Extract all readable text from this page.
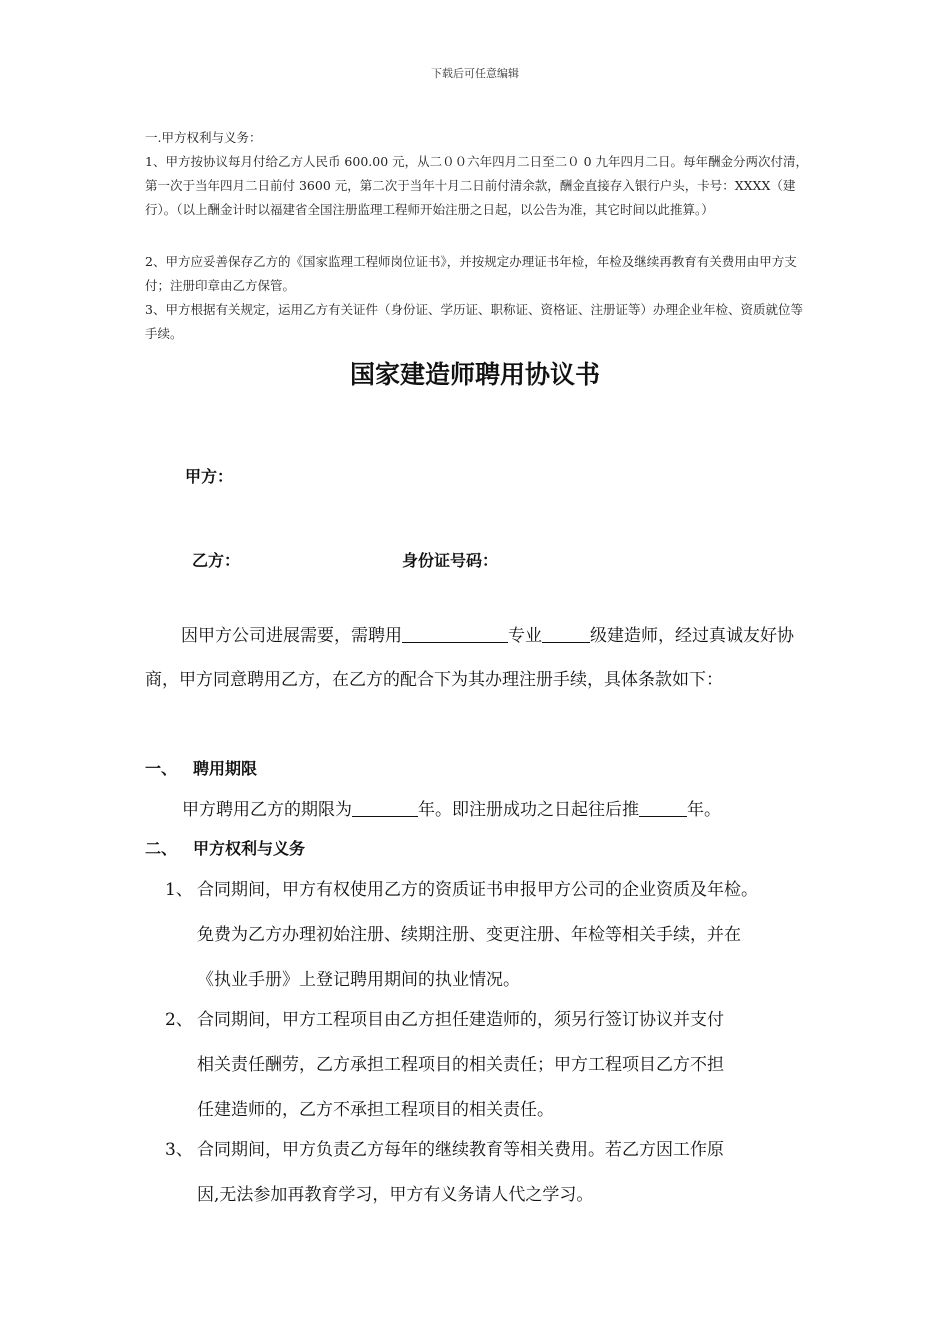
下载后可任意编辑
一.甲方权利与义务：
1、甲方按协议每月付给乙方人民币 600.00 元，从二００六年四月二日至二０ 0 九年四月二日。每年酬金分两次付清，第一次于当年四月二日前付 3600 元，第二次于当年十月二日前付清余款，酬金直接存入银行户头，卡号：XXXX（建行）。（以上酬金计时以福建省全国注册监理工程师开始注册之日起，以公告为准，其它时间以此推算。）
2、甲方应妥善保存乙方的《国家监理工程师岗位证书》，并按规定办理证书年检，年检及继续再教育有关费用由甲方支付；注册印章由乙方保管。
3、甲方根据有关规定，运用乙方有关证件（身份证、学历证、职称证、资格证、注册证等）办理企业年检、资质就位等手续。
国家建造师聘用协议书
甲方：
乙方：	身份证号码：
因甲方公司进展需要，需聘用	专业	级建造师，经过真诚友好协商，甲方同意聘用乙方，在乙方的配合下为其办理注册手续，具体条款如下：
一、 聘用期限
甲方聘用乙方的期限为	年。即注册成功之日起往后推	年。
二、 甲方权利与义务
1、 合同期间，甲方有权使用乙方的资质证书申报甲方公司的企业资质及年检。
免费为乙方办理初始注册、续期注册、变更注册、年检等相关手续，并在
《执业手册》上登记聘用期间的执业情况。
2、 合同期间，甲方工程项目由乙方担任建造师的，须另行签订协议并支付
相关责任酬劳，乙方承担工程项目的相关责任；甲方工程项目乙方不担
任建造师的，乙方不承担工程项目的相关责任。
3、 合同期间，甲方负责乙方每年的继续教育等相关费用。若乙方因工作原
因,无法参加再教育学习，甲方有义务请人代之学习。
